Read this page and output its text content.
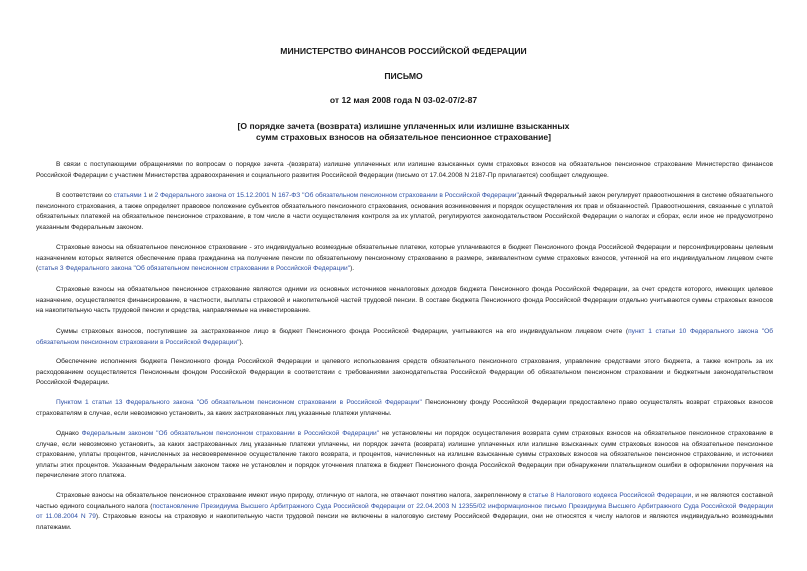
МИНИСТЕРСТВО ФИНАНСОВ РОССИЙСКОЙ ФЕДЕРАЦИИ
ПИСЬМО
от 12 мая 2008 года N 03-02-07/2-87
[О порядке зачета (возврата) излишне уплаченных или излишне взысканных
сумм страховых взносов на обязательное пенсионное страхование]

В связи с поступающими обращениями по вопросам о порядке зачета -(возврата) излишне уплаченных или излишне взысканных сумм страховых взносов на обязательное пенсионное страхование Министерство финансов Российской Федерации с участием Министерства здравоохранения и социального развития Российской Федерации (письмо от 17.04.2008 N 2187-Пр прилагается) сообщает следующее.

В соответствии со статьями 1 и 2 Федерального закона от 15.12.2001 N 167-ФЗ "Об обязательном пенсионном страховании в Российской Федерации"данный Федеральный закон регулирует правоотношения в системе обязательного пенсионного страхования, а также определяет правовое положение субъектов обязательного пенсионного страхования, основания возникновения и порядок осуществления их прав и обязанностей. Правоотношения, связанные с уплатой обязательных платежей на обязательное пенсионное страхование, в том числе в части осуществления контроля за их уплатой, регулируются законодательством Российской Федерации о налогах и сборах, если иное не предусмотрено указанным Федеральным законом.

Страховые взносы на обязательное пенсионное страхование - это индивидуально возмездные обязательные платежи, которые уплачиваются в бюджет Пенсионного фонда Российской Федерации и персонифицированы целевым назначением которых является обеспечение права гражданина на получение пенсии по обязательному пенсионному страхованию в размере, эквивалентном сумме страховых взносов, учтенной на его индивидуальном лицевом счете (статья 3 Федерального закона "Об обязательном пенсионном страховании в Российской Федерации").

Страховые взносы на обязательное пенсионное страхование являются одними из основных источников неналоговых доходов бюджета Пенсионного фонда Российской Федерации, за счет средств которого, имеющих целевое назначение, осуществляется финансирование, в частности, выплаты страховой и накопительной частей трудовой пенсии. В составе бюджета Пенсионного фонда Российской Федерации отдельно учитываются суммы страховых взносов на накопительную часть трудовой пенсии и средства, направляемые на инвестирование.

Суммы страховых взносов, поступившие за застрахованное лицо в бюджет Пенсионного фонда Российской Федерации, учитываются на его индивидуальном лицевом счете (пункт 1 статьи 10 Федерального закона "Об обязательном пенсионном страховании в Российской Федерации").

Обеспечение исполнения бюджета Пенсионного фонда Российской Федерации и целевого использования средств обязательного пенсионного страхования, управление средствами этого бюджета, а также контроль за их расходованием осуществляется Пенсионным фондом Российской Федерации в соответствии с требованиями законодательства Российской Федерации об обязательном пенсионном страховании и бюджетным законодательством Российской Федерации.

Пунктом 1 статьи 13 Федерального закона "Об обязательном пенсионном страховании в Российской Федерации" Пенсионному фонду Российской Федерации предоставлено право осуществлять возврат страховых взносов страхователям в случае, если невозможно установить, за каких застрахованных лиц указанные платежи уплачены.

Однако Федеральным законом "Об обязательном пенсионном страховании в Российской Федерации" не установлены ни порядок осуществления возврата сумм страховых взносов на обязательное пенсионное страхование в случае, если невозможно установить, за каких застрахованных лиц указанные платежи уплачены, ни порядок зачета (возврата) излишне уплаченных или излишне взысканных сумм страховых взносов на обязательное пенсионное страхование, уплаты процентов, начисленных за несвоевременное осуществление такого возврата, и процентов, начисленных на излишне взысканные суммы страховых взносов на обязательное пенсионное страхование, и источники уплаты этих процентов. Указанным Федеральным законом также не установлен и порядок уточнения платежа в бюджет Пенсионного фонда Российской Федерации при обнаружении плательщиком ошибки в оформлении поручения на перечисление этого платежа.

Страховые взносы на обязательное пенсионное страхование имеют иную природу, отличную от налога, не отвечают понятию налога, закрепленному в статье 8 Налогового кодекса Российской Федерации, и не являются составной частью единого социального налога (постановление Президиума Высшего Арбитражного Суда Российской Федерации от 22.04.2003 N 12355/02 информационное письмо Президиума Высшего Арбитражного Суда Российской Федерации от 11.08.2004 N 79). Страховые взносы на страховую и накопительную части трудовой пенсии не включены в налоговую систему Российской Федерации, они не относятся к числу налогов и являются индивидуально возмездными платежами.
